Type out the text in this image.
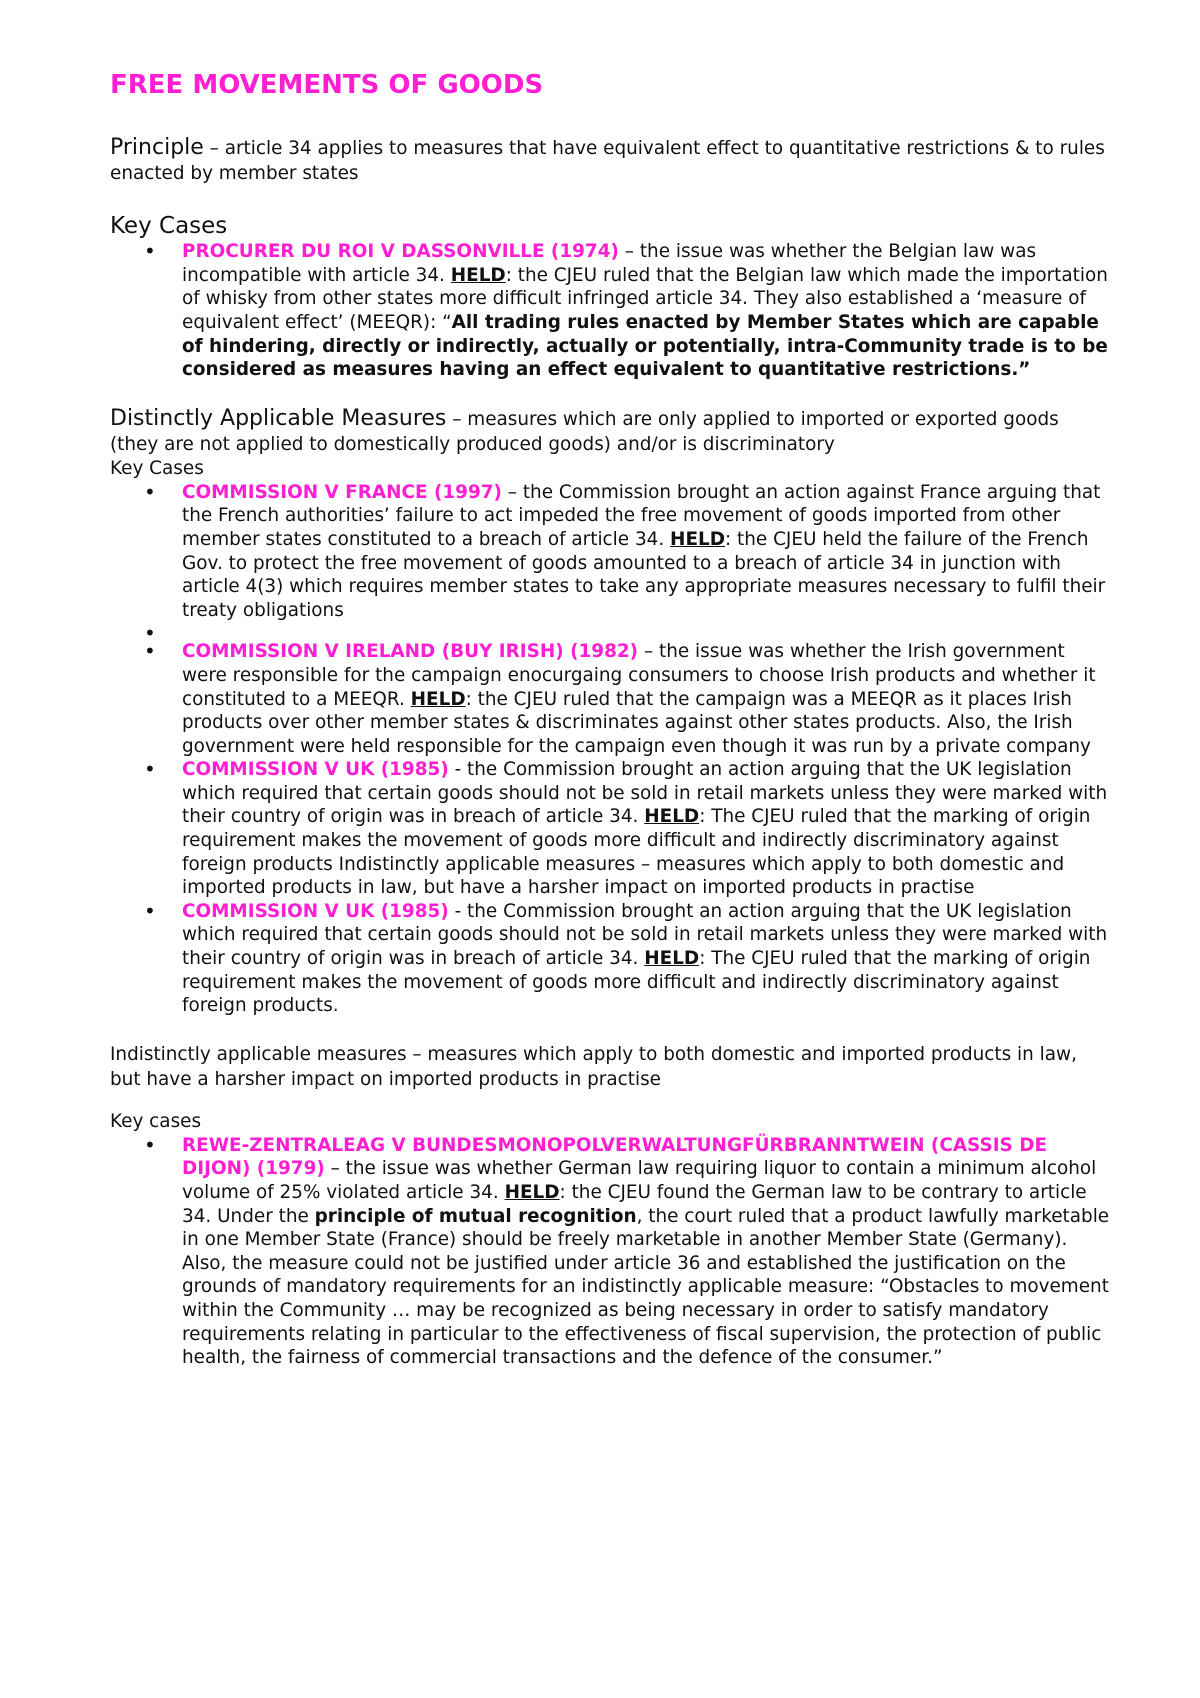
FREE MOVEMENTS OF GOODS

Principle – article 34 applies to measures that have equivalent effect to quantitative restrictions & to rules enacted by member states

Key Cases
• PROCURER DU ROI V DASSONVILLE (1974) – the issue was whether the Belgian law was incompatible with article 34. HELD: the CJEU ruled that the Belgian law which made the importation of whisky from other states more difficult infringed article 34. They also established a ‘measure of equivalent effect’ (MEEQR): “All trading rules enacted by Member States which are capable of hindering, directly or indirectly, actually or potentially, intra-Community trade is to be considered as measures having an effect equivalent to quantitative restrictions.”

Distinctly Applicable Measures – measures which are only applied to imported or exported goods (they are not applied to domestically produced goods) and/or is discriminatory

Key Cases

• COMMISSION V FRANCE (1997) – the Commission brought an action against France arguing that the French authorities’ failure to act impeded the free movement of goods imported from other member states constituted to a breach of article 34. HELD: the CJEU held the failure of the French Gov. to protect the free movement of goods amounted to a breach of article 34 in junction with article 4(3) which requires member states to take any appropriate measures necessary to fulfil their treaty obligations
•
• COMMISSION V IRELAND (BUY IRISH) (1982) – the issue was whether the Irish government were responsible for the campaign enocurgaing consumers to choose Irish products and whether it constituted to a MEEQR. HELD: the CJEU ruled that the campaign was a MEEQR as it places Irish products over other member states & discriminates against other states products. Also, the Irish government were held responsible for the campaign even though it was run by a private company
• COMMISSION V UK (1985) - the Commission brought an action arguing that the UK legislation which required that certain goods should not be sold in retail markets unless they were marked with their country of origin was in breach of article 34. HELD: The CJEU ruled that the marking of origin requirement makes the movement of goods more difficult and indirectly discriminatory against foreign products Indistinctly applicable measures – measures which apply to both domestic and imported products in law, but have a harsher impact on imported products in practise
• COMMISSION V UK (1985) - the Commission brought an action arguing that the UK legislation which required that certain goods should not be sold in retail markets unless they were marked with their country of origin was in breach of article 34. HELD: The CJEU ruled that the marking of origin requirement makes the movement of goods more difficult and indirectly discriminatory against foreign products.

Indistinctly applicable measures – measures which apply to both domestic and imported products in law, but have a harsher impact on imported products in practise

Key cases

• REWE-ZENTRALEAG V BUNDESMONOPOLVERWALTUNGFÜRBRANNTWEIN (CASSIS DE DIJON) (1979) – the issue was whether German law requiring liquor to contain a minimum alcohol volume of 25% violated article 34. HELD: the CJEU found the German law to be contrary to article 34. Under the principle of mutual recognition, the court ruled that a product lawfully marketable in one Member State (France) should be freely marketable in another Member State (Germany). Also, the measure could not be justified under article 36 and established the justification on the grounds of mandatory requirements for an indistinctly applicable measure: “Obstacles to movement within the Community … may be recognized as being necessary in order to satisfy mandatory requirements relating in particular to the effectiveness of fiscal supervision, the protection of public health, the fairness of commercial transactions and the defence of the consumer.”
